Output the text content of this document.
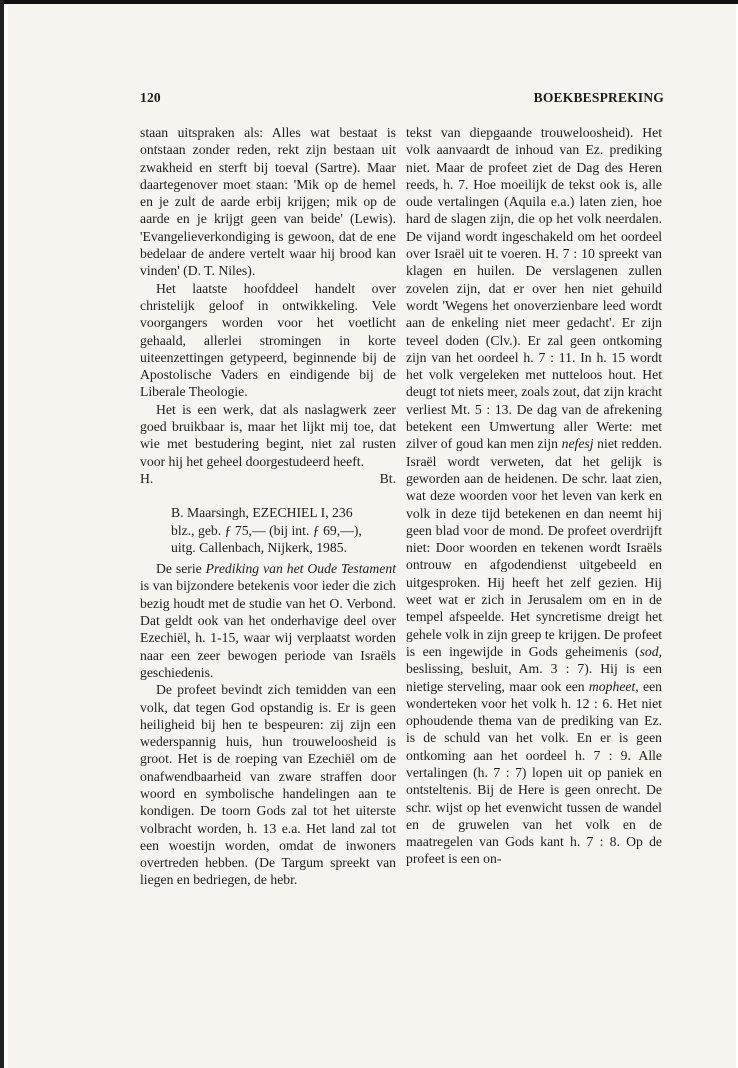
120	BOEKBESPREKING

staan uitspraken als: Alles wat bestaat is ontstaan zonder reden, rekt zijn bestaan uit zwakheid en sterft bij toeval (Sartre). Maar daartegenover moet staan: 'Mik op de hemel en je zult de aarde erbij krijgen; mik op de aarde en je krijgt geen van beide' (Lewis). 'Evangelieverkondiging is gewoon, dat de ene bedelaar de andere vertelt waar hij brood kan vinden' (D. T. Niles).

Het laatste hoofddeel handelt over christelijk geloof in ontwikkeling. Vele voorgangers worden voor het voetlicht gehaald, allerlei stromingen in korte uiteenzettingen getypeerd, beginnende bij de Apostolische Vaders en eindigende bij de Liberale Theologie.

Het is een werk, dat als naslagwerk zeer goed bruikbaar is, maar het lijkt mij toe, dat wie met bestudering begint, niet zal rusten voor hij het geheel doorgestudeerd heeft.

H.	Bt.
B. Maarsingh, EZECHIEL I, 236
blz., geb. ƒ 75,— (bij int. ƒ 69,—),
uitg. Callenbach, Nijkerk, 1985.

De serie Prediking van het Oude Testament is van bijzondere betekenis voor ieder die zich bezig houdt met de studie van het O. Verbond. Dat geldt ook van het onderhavige deel over Ezechiël, h. 1-15, waar wij verplaatst worden naar een zeer bewogen periode van Israëls geschiedenis.

De profeet bevindt zich temidden van een volk, dat tegen God opstandig is. Er is geen heiligheid bij hen te bespeuren: zij zijn een wederspannig huis, hun trouweloosheid is groot. Het is de roeping van Ezechiël om de onafwendbaarheid van zware straffen door woord en symbolische handelingen aan te kondigen. De toorn Gods zal tot het uiterste volbracht worden, h. 13 e.a. Het land zal tot een woestijn worden, omdat de inwoners overtreden hebben. (De Targum spreekt van liegen en bedriegen, de hebr.

tekst van diepgaande trouweloosheid). Het volk aanvaardt de inhoud van Ez. prediking niet. Maar de profeet ziet de Dag des Heren reeds, h. 7. Hoe moeilijk de tekst ook is, alle oude vertalingen (Aquila e.a.) laten zien, hoe hard de slagen zijn, die op het volk neerdalen. De vijand wordt ingeschakeld om het oordeel over Israël uit te voeren. H. 7 : 10 spreekt van klagen en huilen. De verslagenen zullen zovelen zijn, dat er over hen niet gehuild wordt 'Wegens het onoverzienbare leed wordt aan de enkeling niet meer gedacht'. Er zijn teveel doden (Clv.). Er zal geen ontkoming zijn van het oordeel h. 7 : 11. In h. 15 wordt het volk vergeleken met nutteloos hout. Het deugt tot niets meer, zoals zout, dat zijn kracht verliest Mt. 5 : 13. De dag van de afrekening betekent een Umwertung aller Werte: met zilver of goud kan men zijn nefesj niet redden. Israël wordt verweten, dat het gelijk is geworden aan de heidenen. De schr. laat zien, wat deze woorden voor het leven van kerk en volk in deze tijd betekenen en dan neemt hij geen blad voor de mond. De profeet overdrijft niet: Door woorden en tekenen wordt Israëls ontrouw en afgodendienst uitgebeeld en uitgesproken. Hij heeft het zelf gezien. Hij weet wat er zich in Jerusalem om en in de tempel afspeelde. Het syncretisme dreigt het gehele volk in zijn greep te krijgen. De profeet is een ingewijde in Gods geheimenis (sod, beslissing, besluit, Am. 3 : 7). Hij is een nietige sterveling, maar ook een mopheet, een wonderteken voor het volk h. 12 : 6. Het niet ophoudende thema van de prediking van Ez. is de schuld van het volk. En er is geen ontkoming aan het oordeel h. 7 : 9. Alle vertalingen (h. 7 : 7) lopen uit op paniek en ontsteltenis. Bij de Here is geen onrecht. De schr. wijst op het evenwicht tussen de wandel en de gruwelen van het volk en de maatregelen van Gods kant h. 7 : 8. Op de profeet is een on-
